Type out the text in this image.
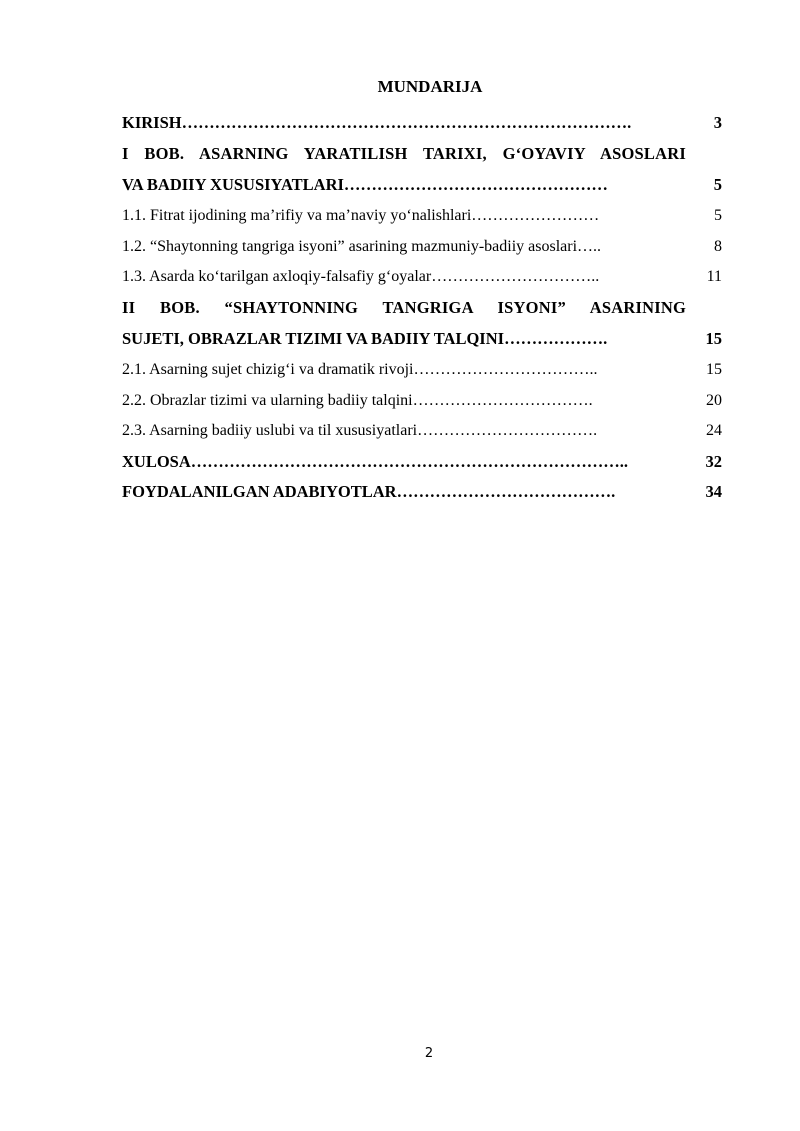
MUNDARIJA
KIRISH ……………………………………………………………………….	3
I BOB. ASARNING YARATILISH TARIXI, G‘OYAVIY ASOSLARI
VA BADIIY XUSUSIYATLARI …………………………………………	5
1.1. Fitrat ijodining ma’rifiy va ma’naviy yo‘nalishlari ……………………	5
1.2. “Shaytonning tangriga isyoni” asarining mazmuniy-badiiy asoslari …..	8
1.3. Asarda ko‘tarilgan axloqiy-falsafiy g‘oyalar …………………………..	11
II BOB. “SHAYTONNING TANGRIGA ISYONI” ASARINING
SUJETI, OBRAZLAR TIZIMI VA BADIIY TALQINI ……………….	15
2.1. Asarning sujet chizig‘i va dramatik rivoji ……………………………..	15
2.2. Obrazlar tizimi va ularning badiiy talqini …………………………….	20
2.3. Asarning badiiy uslubi va til xususiyatlari …………………………….	24
XULOSA ……………………………………………………………………..	32
FOYDALANILGAN ADABIYOTLAR ………………………………….	34
2
